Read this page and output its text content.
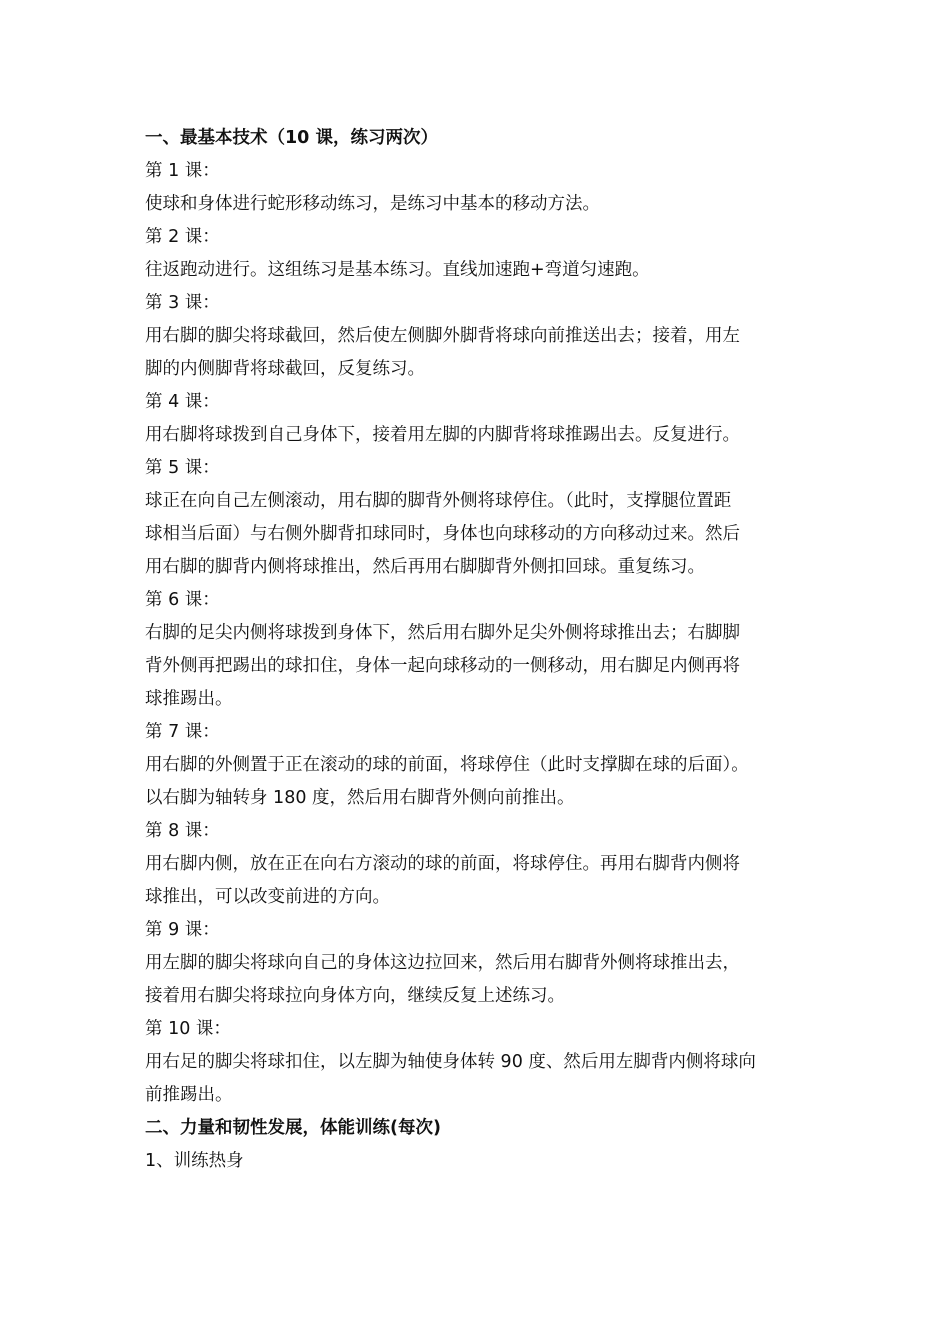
一、最基本技术（10 课，练习两次）
第 1 课：
使球和身体进行蛇形移动练习，是练习中基本的移动方法。
第 2 课：
往返跑动进行。这组练习是基本练习。直线加速跑+弯道匀速跑。
第 3 课：
用右脚的脚尖将球截回，然后使左侧脚外脚背将球向前推送出去；接着，用左
脚的内侧脚背将球截回，反复练习。
第 4 课：
用右脚将球拨到自己身体下，接着用左脚的内脚背将球推踢出去。反复进行。
第 5 课：
球正在向自己左侧滚动，用右脚的脚背外侧将球停住。（此时，支撑腿位置距
球相当后面）与右侧外脚背扣球同时，身体也向球移动的方向移动过来。然后
用右脚的脚背内侧将球推出，然后再用右脚脚背外侧扣回球。重复练习。
第 6 课：
右脚的足尖内侧将球拨到身体下，然后用右脚外足尖外侧将球推出去；右脚脚
背外侧再把踢出的球扣住，身体一起向球移动的一侧移动，用右脚足内侧再将
球推踢出。
第 7 课：
用右脚的外侧置于正在滚动的球的前面，将球停住（此时支撑脚在球的后面）。
以右脚为轴转身 180 度，然后用右脚背外侧向前推出。
第 8 课：
用右脚内侧，放在正在向右方滚动的球的前面，将球停住。再用右脚背内侧将
球推出，可以改变前进的方向。
第 9 课：
用左脚的脚尖将球向自己的身体这边拉回来，然后用右脚背外侧将球推出去，
接着用右脚尖将球拉向身体方向，继续反复上述练习。
第 10 课：
用右足的脚尖将球扣住，以左脚为轴使身体转 90 度、然后用左脚背内侧将球向
前推踢出。
二、力量和韧性发展，体能训练(每次)
1、训练热身
